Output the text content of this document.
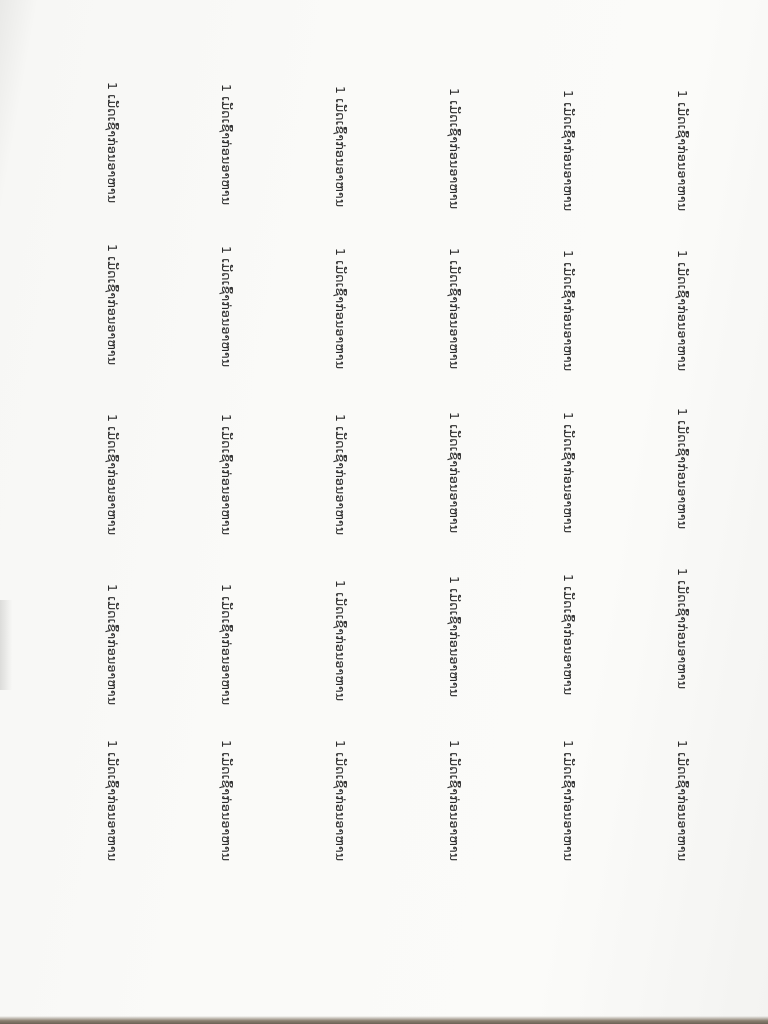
1 ເມັດເຊົ້າກ່ອນອາຫານ
1 ເມັດເຊົ້າກ່ອນອາຫານ
1 ເມັດເຊົ້າກ່ອນອາຫານ
1 ເມັດເຊົ້າກ່ອນອາຫານ
1 ເມັດເຊົ້າກ່ອນອາຫານ
1 ເມັດເຊົ້າກ່ອນອາຫານ
1 ເມັດເຊົ້າກ່ອນອາຫານ
1 ເມັດເຊົ້າກ່ອນອາຫານ
1 ເມັດເຊົ້າກ່ອນອາຫານ
1 ເມັດເຊົ້າກ່ອນອາຫານ
1 ເມັດເຊົ້າກ່ອນອາຫານ
1 ເມັດເຊົ້າກ່ອນອາຫານ
1 ເມັດເຊົ້າກ່ອນອາຫານ
1 ເມັດເຊົ້າກ່ອນອາຫານ
1 ເມັດເຊົ້າກ່ອນອາຫານ
1 ເມັດເຊົ້າກ່ອນອາຫານ
1 ເມັດເຊົ້າກ່ອນອາຫານ
1 ເມັດເຊົ້າກ່ອນອາຫານ
1 ເມັດເຊົ້າກ່ອນອາຫານ
1 ເມັດເຊົ້າກ່ອນອາຫານ
1 ເມັດເຊົ້າກ່ອນອາຫານ
1 ເມັດເຊົ້າກ່ອນອາຫານ
1 ເມັດເຊົ້າກ່ອນອາຫານ
1 ເມັດເຊົ້າກ່ອນອາຫານ
1 ເມັດເຊົ້າກ່ອນອາຫານ
1 ເມັດເຊົ້າກ່ອນອາຫານ
1 ເມັດເຊົ້າກ່ອນອາຫານ
1 ເມັດເຊົ້າກ່ອນອາຫານ
1 ເມັດເຊົ້າກ່ອນອາຫານ
1 ເມັດເຊົ້າກ່ອນອາຫານ
